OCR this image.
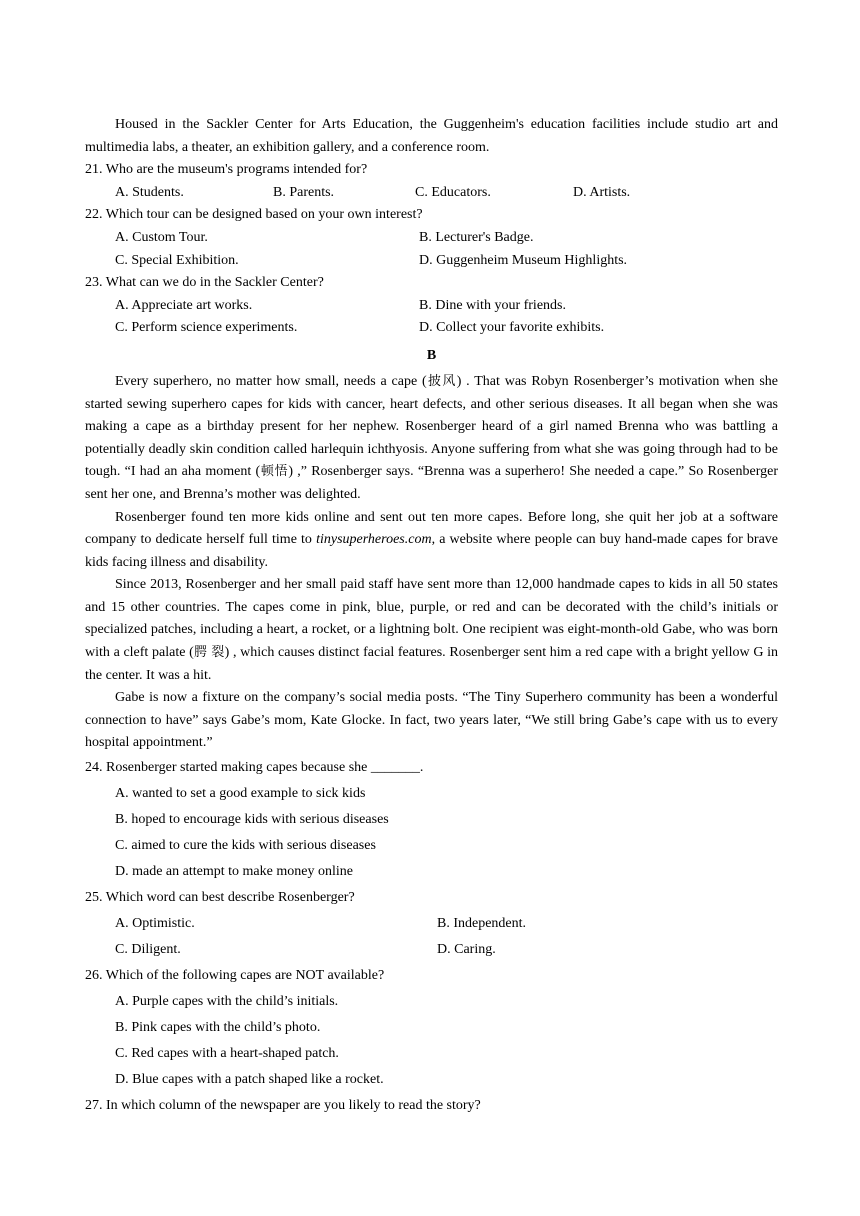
Housed in the Sackler Center for Arts Education, the Guggenheim's education facilities include studio art and multimedia labs, a theater, an exhibition gallery, and a conference room.

21. Who are the museum's programs intended for?

A. Students.	B. Parents.	C. Educators.	D. Artists.

22. Which tour can be designed based on your own interest?

A. Custom Tour.	B. Lecturer's Badge.
C. Special Exhibition.	D. Guggenheim Museum Highlights.

23. What can we do in the Sackler Center?

A. Appreciate art works.	B. Dine with your friends.
C. Perform science experiments.	D. Collect your favorite exhibits.
B

Every superhero, no matter how small, needs a cape (披风) . That was Robyn Rosenberger’s motivation when she started sewing superhero capes for kids with cancer, heart defects, and other serious diseases. It all began when she was making a cape as a birthday present for her nephew. Rosenberger heard of a girl named Brenna who was battling a potentially deadly skin condition called harlequin ichthyosis. Anyone suffering from what she was going through had to be tough. “I had an aha moment (顿悟) ,” Rosenberger says. “Brenna was a superhero! She needed a cape.” So Rosenberger sent her one, and Brenna’s mother was delighted.

Rosenberger found ten more kids online and sent out ten more capes. Before long, she quit her job at a software company to dedicate herself full time to tinysuperheroes.com, a website where people can buy hand-made capes for brave kids facing illness and disability.

Since 2013, Rosenberger and her small paid staff have sent more than 12,000 handmade capes to kids in all 50 states and 15 other countries. The capes come in pink, blue, purple, or red and can be decorated with the child’s initials or specialized patches, including a heart, a rocket, or a lightning bolt. One recipient was eight-month-old Gabe, who was born with a cleft palate (腭 裂) , which causes distinct facial features. Rosenberger sent him a red cape with a bright yellow G in the center. It was a hit.

Gabe is now a fixture on the company’s social media posts. “The Tiny Superhero community has been a wonderful connection to have” says Gabe’s mom, Kate Glocke. In fact, two years later, “We still bring Gabe’s cape with us to every hospital appointment.”

24. Rosenberger started making capes because she _______.

A. wanted to set a good example to sick kids

B. hoped to encourage kids with serious diseases

C. aimed to cure the kids with serious diseases

D. made an attempt to make money online

25. Which word can best describe Rosenberger?

A. Optimistic.	B. Independent.
C. Diligent.	D. Caring.

26. Which of the following capes are NOT available?

A. Purple capes with the child’s initials.

B. Pink capes with the child’s photo.

C. Red capes with a heart-shaped patch.

D. Blue capes with a patch shaped like a rocket.

27. In which column of the newspaper are you likely to read the story?
